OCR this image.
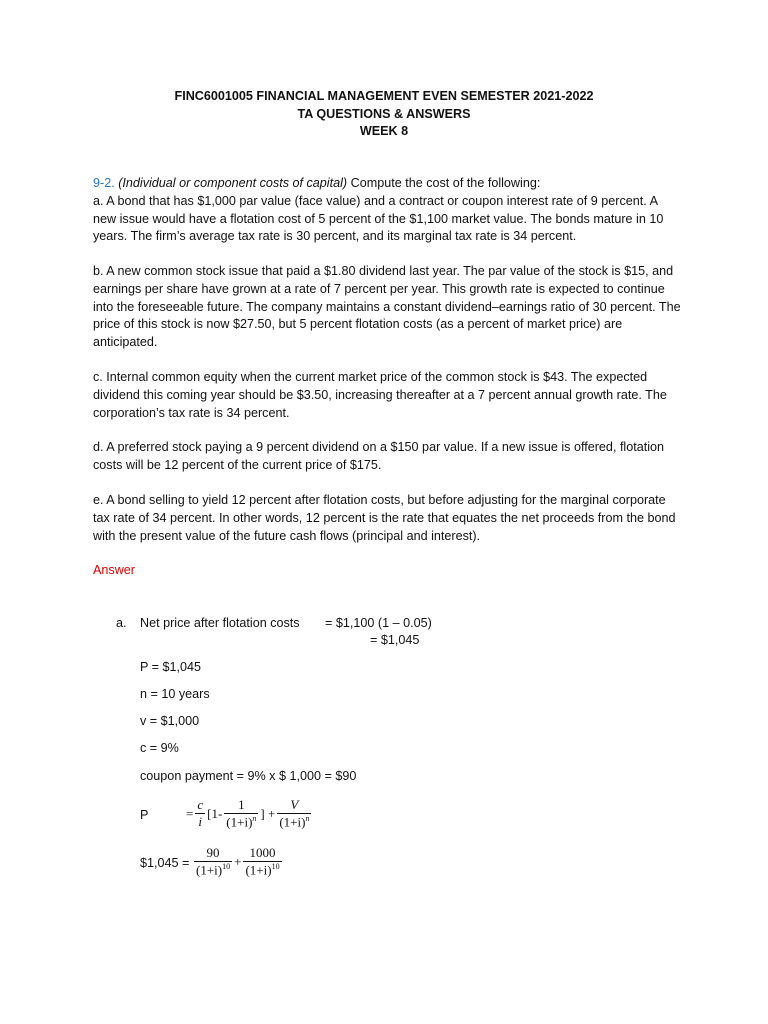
FINC6001005 FINANCIAL MANAGEMENT EVEN SEMESTER 2021-2022
TA QUESTIONS & ANSWERS
WEEK 8

9-2. (Individual or component costs of capital) Compute the cost of the following:

a. A bond that has $1,000 par value (face value) and a contract or coupon interest rate of 9 percent. A new issue would have a flotation cost of 5 percent of the $1,100 market value. The bonds mature in 10 years. The firm’s average tax rate is 30 percent, and its marginal tax rate is 34 percent.

b. A new common stock issue that paid a $1.80 dividend last year. The par value of the stock is $15, and earnings per share have grown at a rate of 7 percent per year. This growth rate is expected to continue into the foreseeable future. The company maintains a constant dividend–earnings ratio of 30 percent. The price of this stock is now $27.50, but 5 percent flotation costs (as a percent of market price) are anticipated.

c. Internal common equity when the current market price of the common stock is $43. The expected dividend this coming year should be $3.50, increasing thereafter at a 7 percent annual growth rate. The corporation’s tax rate is 34 percent.

d. A preferred stock paying a 9 percent dividend on a $150 par value. If a new issue is offered, flotation costs will be 12 percent of the current price of $175.

e. A bond selling to yield 12 percent after flotation costs, but before adjusting for the marginal corporate tax rate of 34 percent. In other words, 12 percent is the rate that equates the net proceeds from the bond with the present value of the future cash flows (principal and interest).

Answer
a. Net price after flotation costs = $1,100 (1 – 0.05)
= $1,045
P = $1,045
n = 10 years
v = $1,000
c = 9%
coupon payment = 9% x $ 1,000 = $90
P	= $\frac{c}{i} [1- \frac{1}{(1+i)^n}$ ] + $\frac{V}{(1+i)^n}$
$1,045 = $\frac{90}{(1+i)^{10}} + \frac{1000}{(1+i)^{10}}$
